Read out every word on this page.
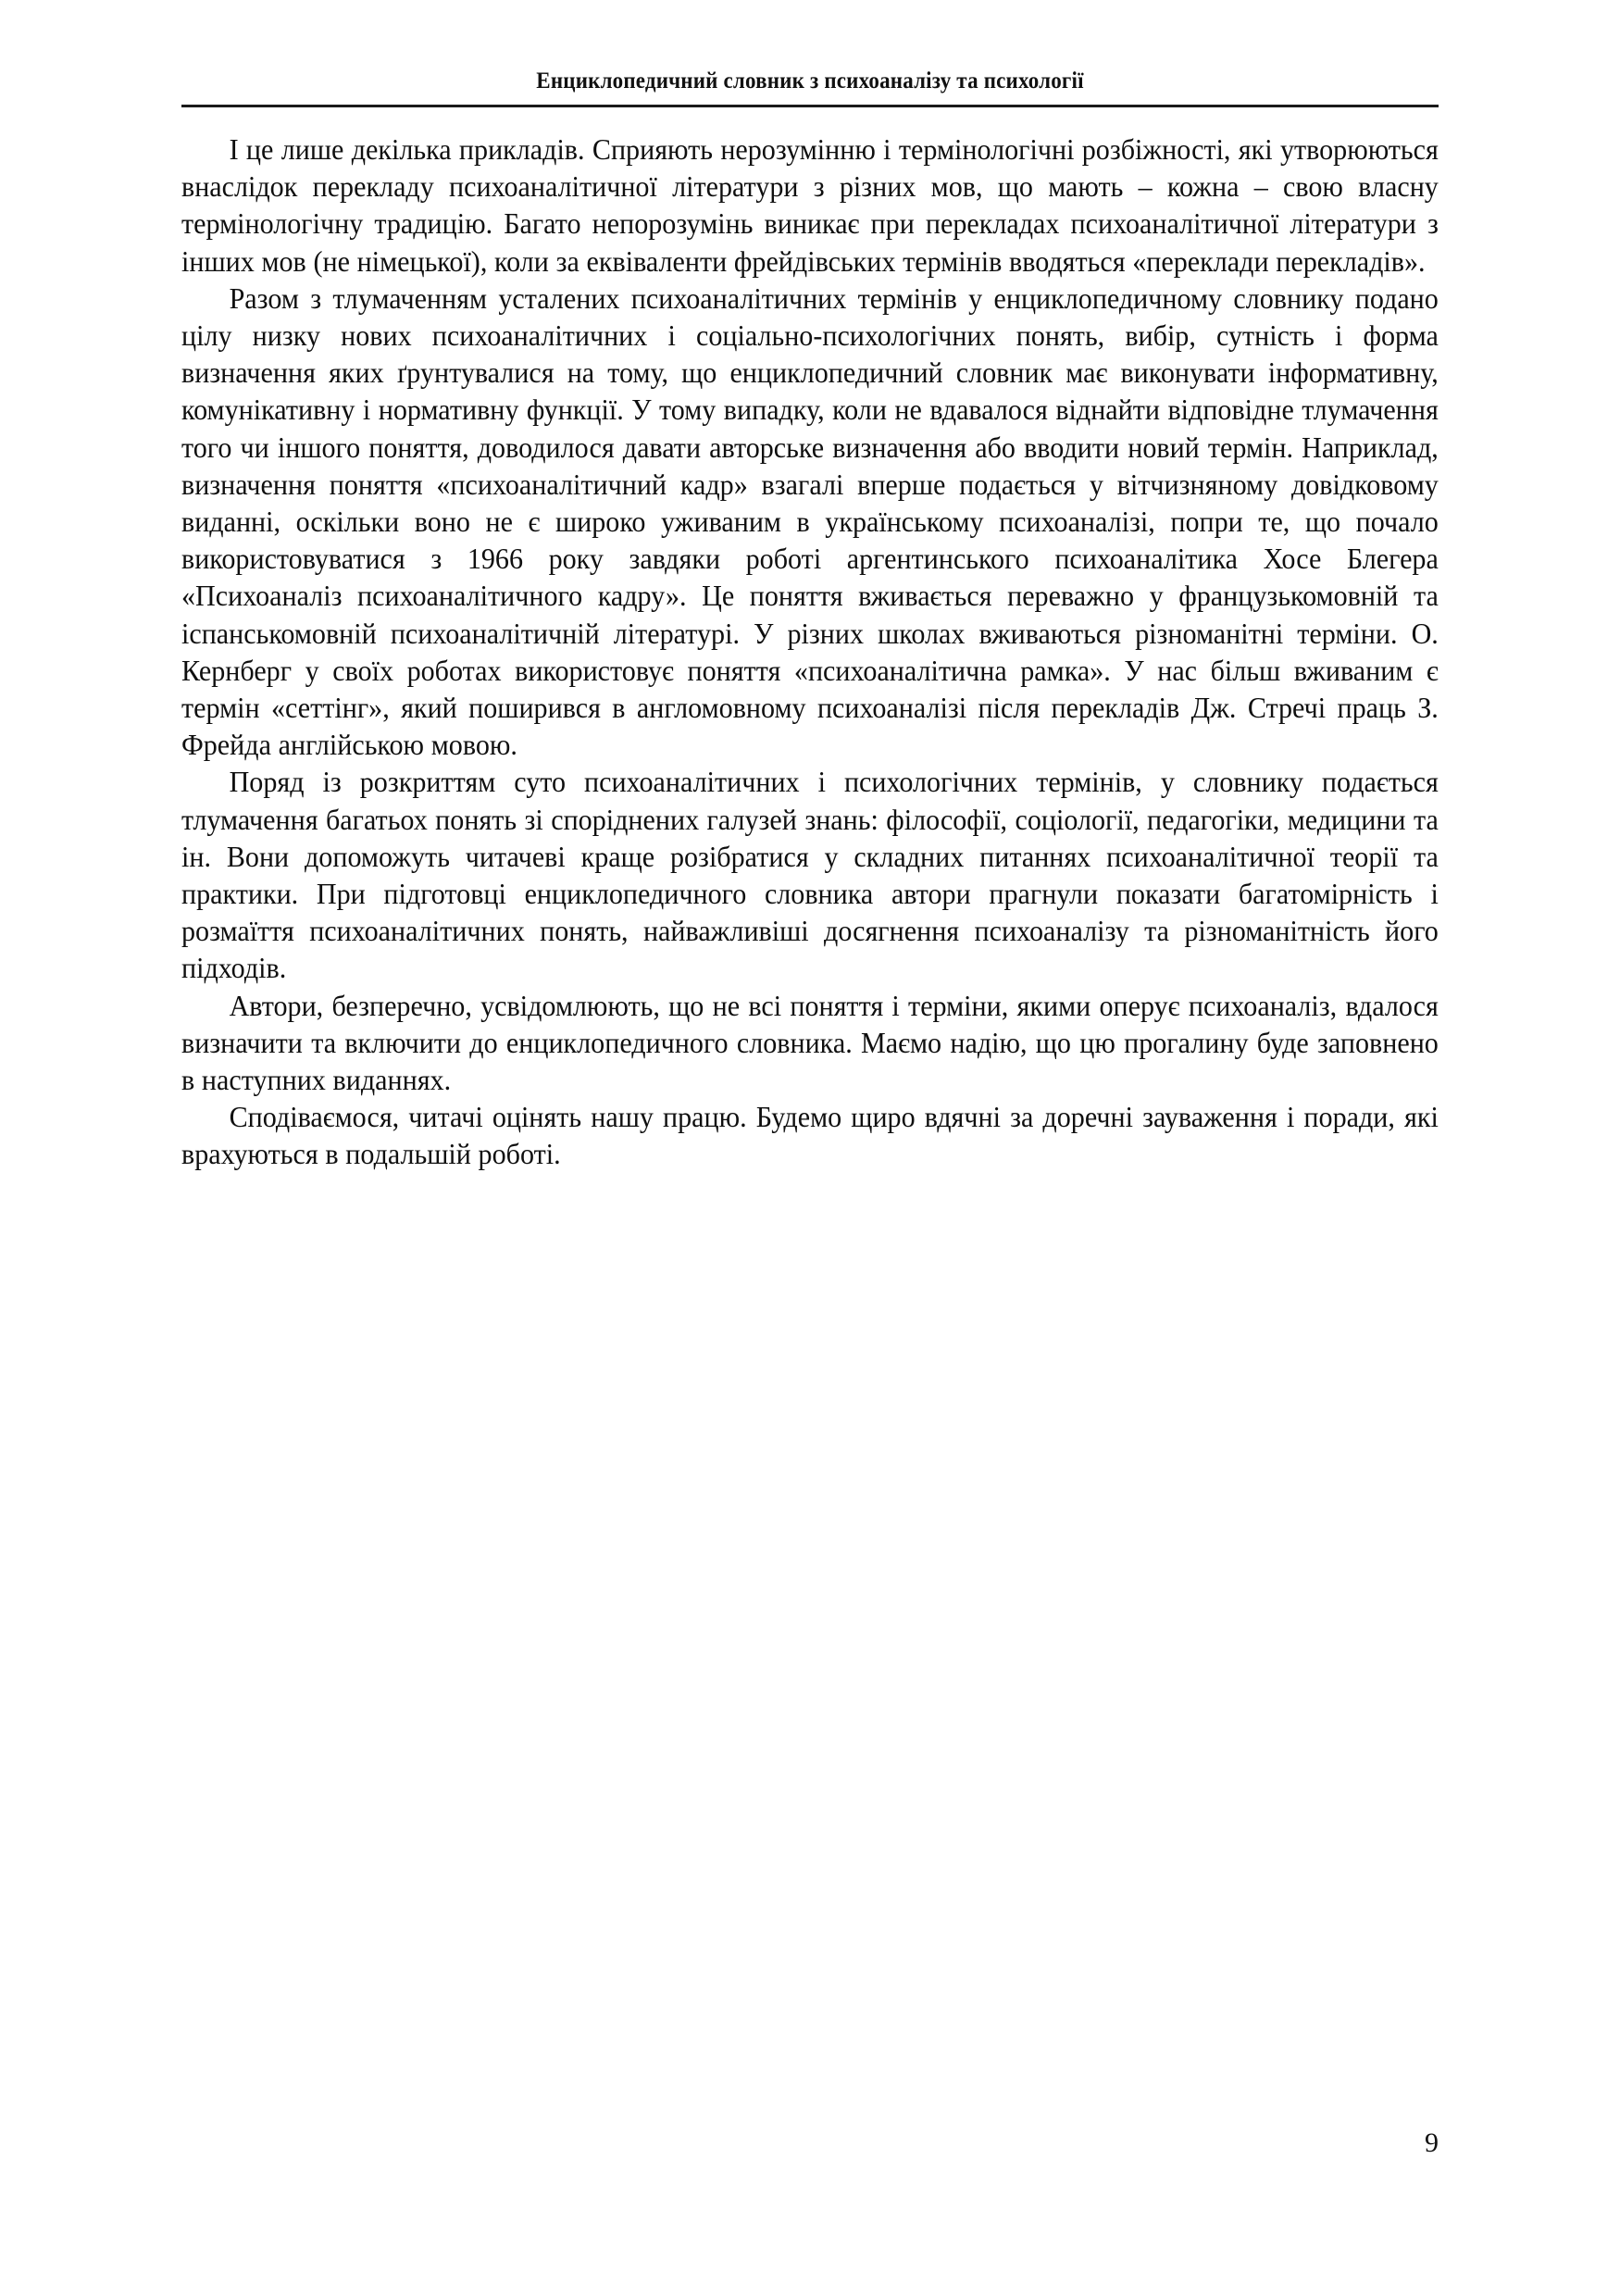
Енциклопедичний словник з психоаналізу та психології

І це лише декілька прикладів. Сприяють нерозумінню і термінологічні розбіжності, які утворюються внаслідок перекладу психоаналітичної літератури з різних мов, що мають – кожна – свою власну термінологічну традицію. Багато непорозумінь виникає при перекладах психоаналітичної літератури з інших мов (не німецької), коли за еквіваленти фрейдівських термінів вводяться «переклади перекладів».

Разом з тлумаченням усталених психоаналітичних термінів у енциклопедичному словнику подано цілу низку нових психоаналітичних і соціально-психологічних понять, вибір, сутність і форма визначення яких ґрунтувалися на тому, що енциклопедичний словник має виконувати інформативну, комунікативну і нормативну функції. У тому випадку, коли не вдавалося віднайти відповідне тлумачення того чи іншого поняття, доводилося давати авторське визначення або вводити новий термін. Наприклад, визначення поняття «психоаналітичний кадр» взагалі вперше подається у вітчизняному довідковому виданні, оскільки воно не є широко уживаним в українському психоаналізі, попри те, що почало використовуватися з 1966 року завдяки роботі аргентинського психоаналітика Хосе Блегера «Психоаналіз психоаналітичного кадру». Це поняття вживається переважно у французькомовній та іспанськомовній психоаналітичній літературі. У різних школах вживаються різноманітні терміни. О. Кернберг у своїх роботах використовує поняття «психоаналітична рамка». У нас більш вживаним є термін «сеттінг», який поширився в англомовному психоаналізі після перекладів Дж. Стречі праць З. Фрейда англійською мовою.

Поряд із розкриттям суто психоаналітичних і психологічних термінів, у словнику подається тлумачення багатьох понять зі споріднених галузей знань: філософії, соціології, педагогіки, медицини та ін. Вони допоможуть читачеві краще розібратися у складних питаннях психоаналітичної теорії та практики. При підготовці енциклопедичного словника автори прагнули показати багатомірність і розмаїття психоаналітичних понять, найважливіші досягнення психоаналізу та різноманітність його підходів.

Автори, безперечно, усвідомлюють, що не всі поняття і терміни, якими оперує психоаналіз, вдалося визначити та включити до енциклопедичного словника. Маємо надію, що цю прогалину буде заповнено в наступних виданнях.

Сподіваємося, читачі оцінять нашу працю. Будемо щиро вдячні за доречні зауваження і поради, які врахуються в подальшій роботі.

9
